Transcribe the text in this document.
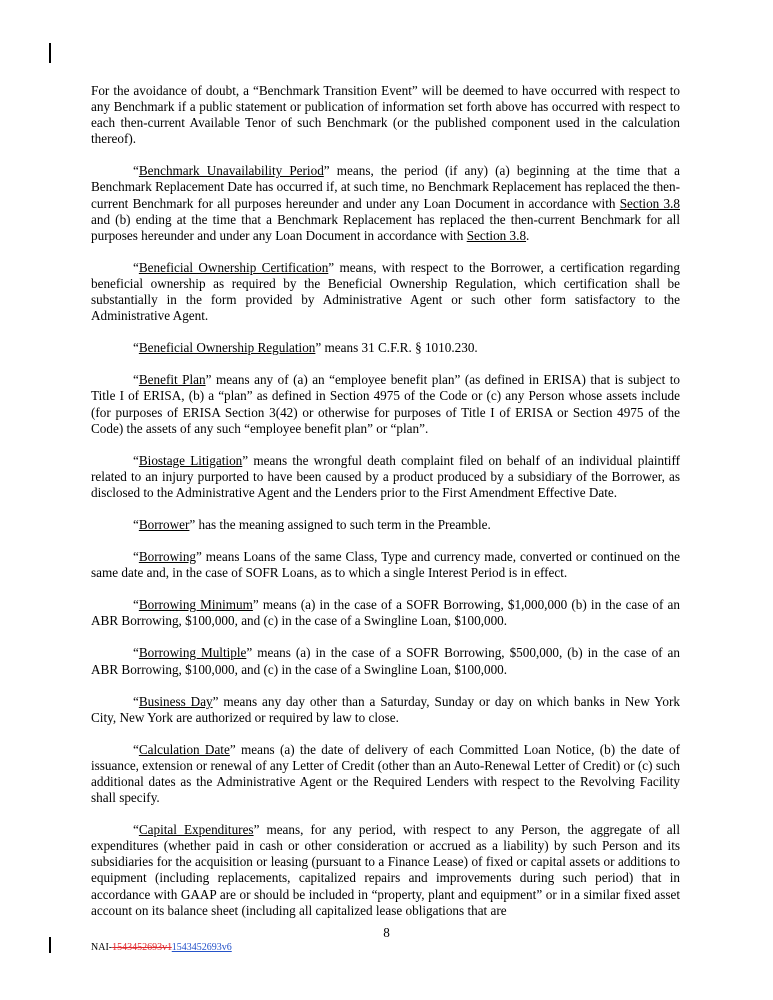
For the avoidance of doubt, a “Benchmark Transition Event” will be deemed to have occurred with respect to any Benchmark if a public statement or publication of information set forth above has occurred with respect to each then-current Available Tenor of such Benchmark (or the published component used in the calculation thereof).

“Benchmark Unavailability Period” means, the period (if any) (a) beginning at the time that a Benchmark Replacement Date has occurred if, at such time, no Benchmark Replacement has replaced the then-current Benchmark for all purposes hereunder and under any Loan Document in accordance with Section 3.8 and (b) ending at the time that a Benchmark Replacement has replaced the then-current Benchmark for all purposes hereunder and under any Loan Document in accordance with Section 3.8.

“Beneficial Ownership Certification” means, with respect to the Borrower, a certification regarding beneficial ownership as required by the Beneficial Ownership Regulation, which certification shall be substantially in the form provided by Administrative Agent or such other form satisfactory to the Administrative Agent.

“Beneficial Ownership Regulation” means 31 C.F.R. § 1010.230.

“Benefit Plan” means any of (a) an “employee benefit plan” (as defined in ERISA) that is subject to Title I of ERISA, (b) a “plan” as defined in Section 4975 of the Code or (c) any Person whose assets include (for purposes of ERISA Section 3(42) or otherwise for purposes of Title I of ERISA or Section 4975 of the Code) the assets of any such “employee benefit plan” or “plan”.

“Biostage Litigation” means the wrongful death complaint filed on behalf of an individual plaintiff related to an injury purported to have been caused by a product produced by a subsidiary of the Borrower, as disclosed to the Administrative Agent and the Lenders prior to the First Amendment Effective Date.

“Borrower” has the meaning assigned to such term in the Preamble.

“Borrowing” means Loans of the same Class, Type and currency made, converted or continued on the same date and, in the case of SOFR Loans, as to which a single Interest Period is in effect.

“Borrowing Minimum” means (a) in the case of a SOFR Borrowing, $1,000,000 (b) in the case of an ABR Borrowing, $100,000, and (c) in the case of a Swingline Loan, $100,000.

“Borrowing Multiple” means (a) in the case of a SOFR Borrowing, $500,000, (b) in the case of an ABR Borrowing, $100,000, and (c) in the case of a Swingline Loan, $100,000.

“Business Day” means any day other than a Saturday, Sunday or day on which banks in New York City, New York are authorized or required by law to close.

“Calculation Date” means (a) the date of delivery of each Committed Loan Notice, (b) the date of issuance, extension or renewal of any Letter of Credit (other than an Auto-Renewal Letter of Credit) or (c) such additional dates as the Administrative Agent or the Required Lenders with respect to the Revolving Facility shall specify.

“Capital Expenditures” means, for any period, with respect to any Person, the aggregate of all expenditures (whether paid in cash or other consideration or accrued as a liability) by such Person and its subsidiaries for the acquisition or leasing (pursuant to a Finance Lease) of fixed or capital assets or additions to equipment (including replacements, capitalized repairs and improvements during such period) that in accordance with GAAP are or should be included in “property, plant and equipment” or in a similar fixed asset account on its balance sheet (including all capitalized lease obligations that are

8
NAI-1543452693v11543452693v6
